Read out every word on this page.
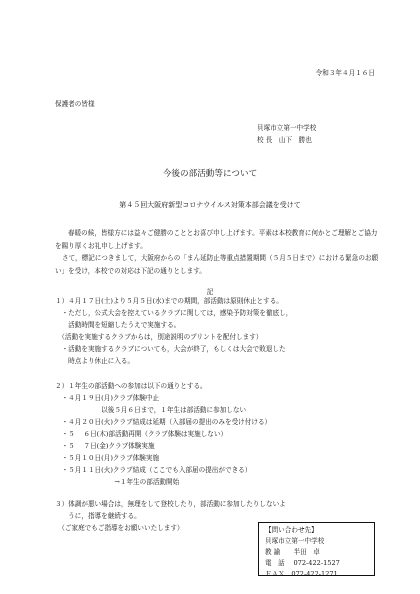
令和３年４月１６日
保護者の皆様
貝塚市立第一中学校
校 長　山下　勝也
今後の部活動等について
第４５回大阪府新型コロナウイルス対策本部会議を受けて
春暖の候，皆様方には益々ご健勝のこととお喜び申し上げます。平素は本校教育に何かとご理解とご協力を賜り厚くお礼申し上げます。
さて，標記につきまして，大阪府からの「まん延防止等重点措置期間（５月５日まで）における緊急のお願い」を受け，本校での対応は下記の通りとします。
記
１）４月１７日(土)より５月５日(水)までの期間，部活動は原則休止とする。
　・ただし，公式大会を控えているクラブに関しては，感染予防対策を徹底し，
　　活動時間を短縮したうえで実施する。
　（活動を実施するクラブからは，別途説明のプリントを配付します）
　・活動を実施するクラブについても，大会が終了，もしくは大会で敗退した
　　時点より休止に入る。
２）１年生の部活動への参加は以下の通りとする。
　・４月１９日(月)クラブ体験中止
　　　　　　　以後５月６日まで，１年生は部活動に参加しない
　・４月２０日(火)クラブ結成は延期（入部届の提出のみを受け付ける）
　・５　 ６日(木)部活動再開（クラブ体験は実施しない）
　・５　 ７日(金)クラブ体験実施
　・５月１０日(月)クラブ体験実施
　・５月１１日(火)クラブ結成（ここでも入部届の提出ができる）
　　　　　　　　　→１年生の部活動開始
３）体調が悪い場合は，無理をして登校したり，部活動に参加したりしないよ
　　うに，指導を継続する。
　（ご家庭でもご指導をお願いいたします）	【問い合わせ先】
貝塚市立第一中学校
教 諭　　半田　卓
電　話　 072-422-1527
ＦＡＸ　072-422-1271
